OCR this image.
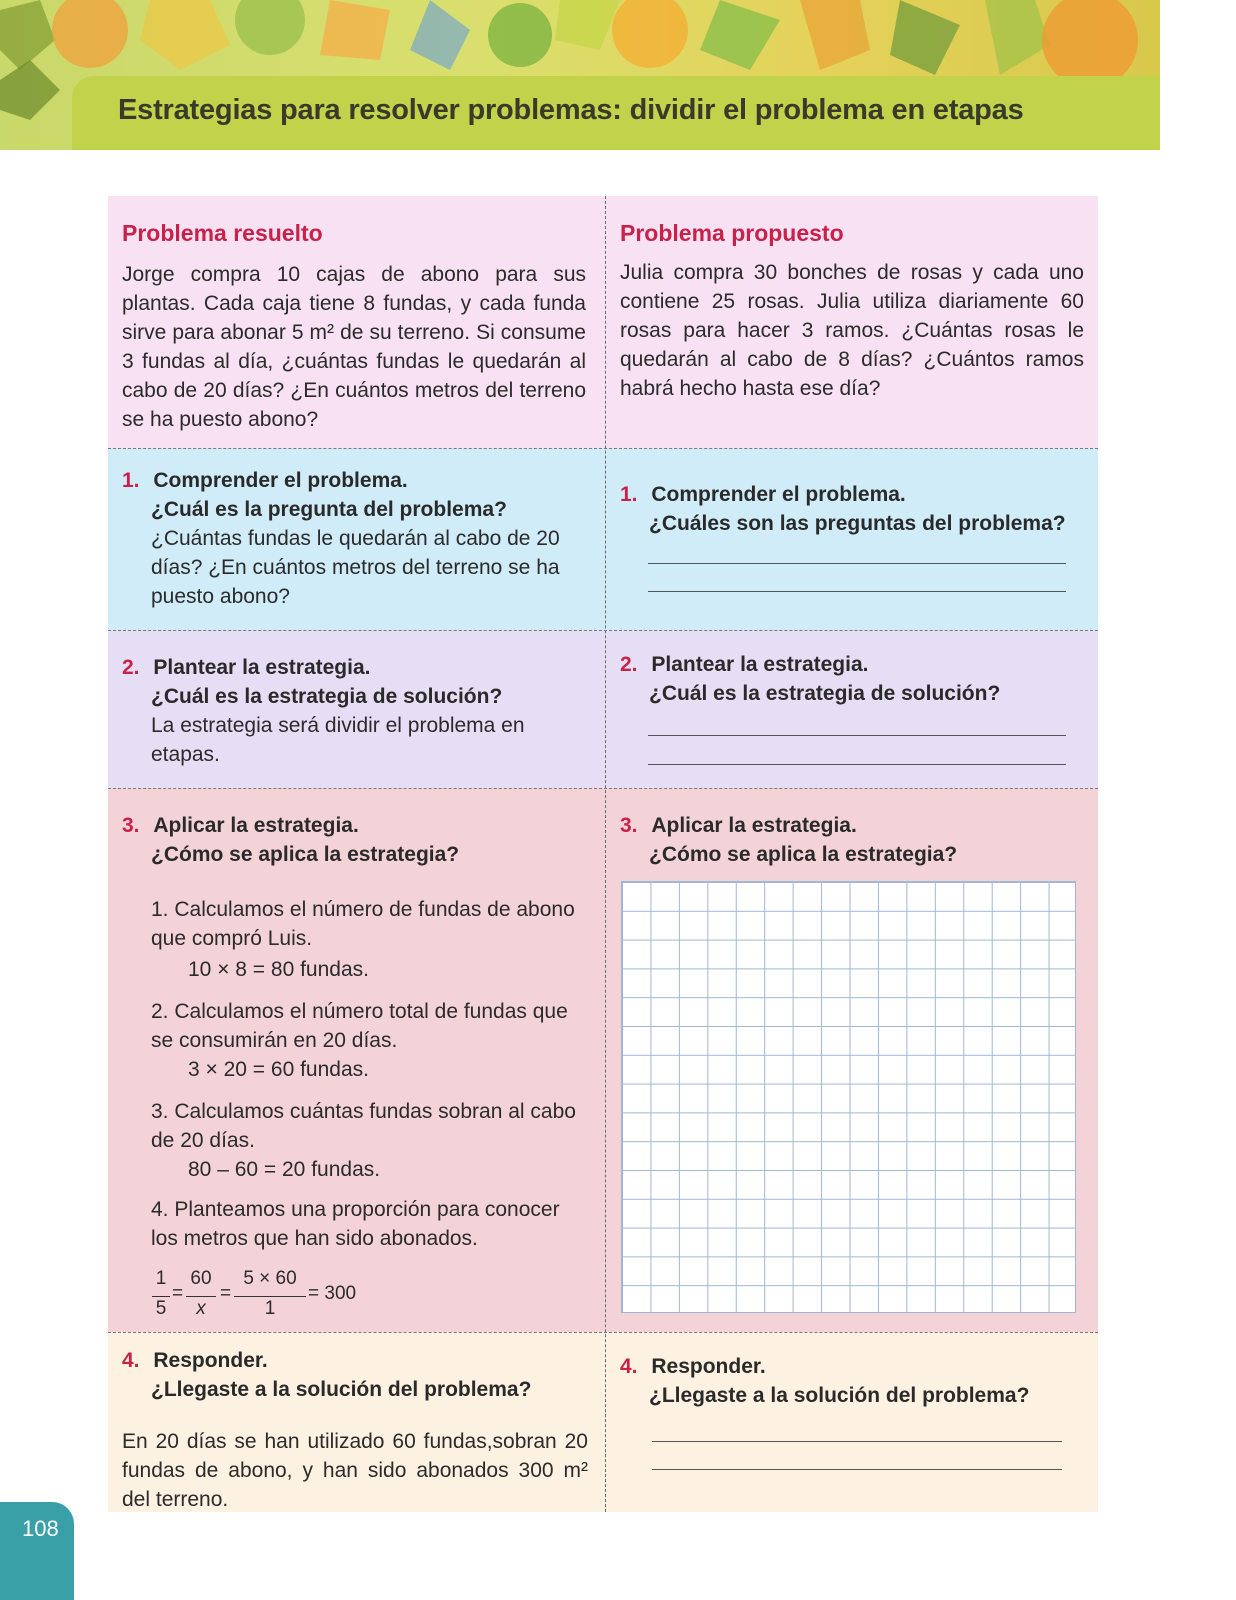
Estrategias para resolver problemas: dividir el problema en etapas
Problema resuelto
Jorge compra 10 cajas de abono para sus plantas. Cada caja tiene 8 fundas, y cada funda sirve para abonar 5 m² de su terreno. Si consume 3 fundas al día, ¿cuántas fundas le quedarán al cabo de 20 días? ¿En cuántos metros del terreno se ha puesto abono?
1. Comprender el problema.
¿Cuál es la pregunta del problema?
¿Cuántas fundas le quedarán al cabo de 20 días? ¿En cuántos metros del terreno se ha puesto abono?
2. Plantear la estrategia.
¿Cuál es la estrategia de solución?
La estrategia será dividir el problema en etapas.
3. Aplicar la estrategia.
¿Cómo se aplica la estrategia?
1. Calculamos el número de fundas de abono que compró Luis.
10 × 8 = 80 fundas.
2. Calculamos el número total de fundas que se consumirán en 20 días.
3 × 20 = 60 fundas.
3. Calculamos cuántas fundas sobran al cabo de 20 días.
80 – 60 = 20 fundas.
4. Planteamos una proporción para conocer los metros que han sido abonados.
1
5
=
60
x
=
5 × 60
1
= 300
4. Responder.
¿Llegaste a la solución del problema?
En 20 días se han utilizado 60 fundas,sobran 20 fundas de abono, y han sido abonados 300 m² del terreno.
Problema propuesto
Julia compra 30 bonches de rosas y cada uno contiene 25 rosas. Julia utiliza diariamente 60 rosas para hacer 3 ramos. ¿Cuántas rosas le quedarán al cabo de 8 días? ¿Cuántos ramos habrá hecho hasta ese día?
1. Comprender el problema.
¿Cuáles son las preguntas del problema?
2. Plantear la estrategia.
¿Cuál es la estrategia de solución?
3. Aplicar la estrategia.
¿Cómo se aplica la estrategia?
4. Responder.
¿Llegaste a la solución del problema?
108
